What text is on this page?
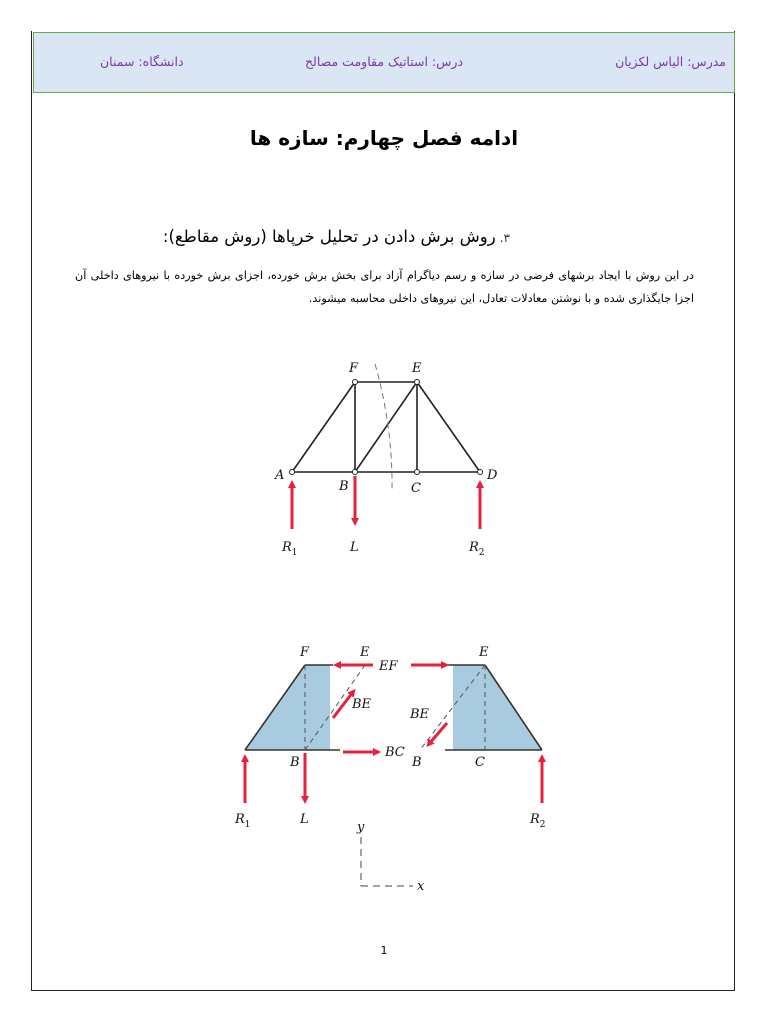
مدرس: الیاس لکزیان
درس: استاتیک مقاومت مصالح
دانشگاه: سمنان
ادامه فصل چهارم: سازه ها
۳.روش برش دادن در تحلیل خرپاها (روش مقاطع):
در این روش با ایجاد برشهای فرضی در سازه و رسم دیاگرام آزاد برای بخش برش خورده، اجزای برش خورده با نیروهای داخلی آن اجزا جایگذاری شده و با نوشتن معادلات تعادل، این نیروهای داخلی محاسبه میشوند.
F	E
A
B	C
D
$R_1$	L	$R_2$
F	E
B
E
B	C
EF
BE
BE
BC
$R_1$	L	$R_2$
y
x
1
